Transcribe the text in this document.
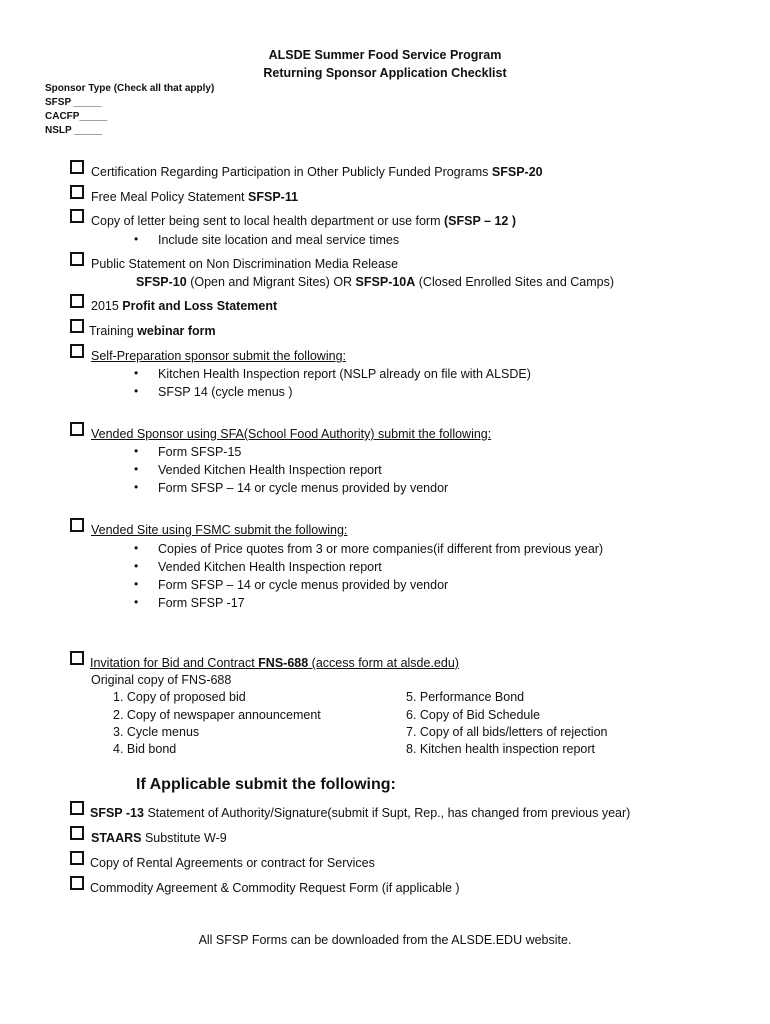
ALSDE Summer Food Service Program
Returning Sponsor Application Checklist
Sponsor Type (Check all that apply)
SFSP _____
CACFP_____
NSLP _____
Certification Regarding Participation in Other Publicly Funded Programs SFSP-20
Free Meal Policy Statement SFSP-11
Copy of letter being sent to local health department or use form (SFSP – 12 )
• Include site location and meal service times
Public Statement on Non Discrimination Media Release
SFSP-10 (Open and Migrant Sites) OR SFSP-10A (Closed Enrolled Sites and Camps)
2015 Profit and Loss Statement
Training webinar form
Self-Preparation sponsor submit the following:
• Kitchen Health Inspection report (NSLP already on file with ALSDE)
• SFSP 14 (cycle menus )
Vended Sponsor using SFA(School Food Authority) submit the following:
• Form SFSP-15
• Vended Kitchen Health Inspection report
• Form SFSP – 14 or cycle menus provided by vendor
Vended Site using FSMC submit the following:
• Copies of Price quotes from 3 or more companies(if different from previous year)
• Vended Kitchen Health Inspection report
• Form SFSP – 14 or cycle menus provided by vendor
• Form SFSP -17
Invitation for Bid and Contract FNS-688 (access form at alsde.edu)
Original copy of FNS-688
1. Copy of proposed bid
2. Copy of newspaper announcement
3. Cycle menus
4. Bid bond
5. Performance Bond
6. Copy of Bid Schedule
7. Copy of all bids/letters of rejection
8. Kitchen health inspection report
If Applicable submit the following:
SFSP -13 Statement of Authority/Signature(submit if Supt, Rep., has changed from previous year)
STAARS Substitute W-9
Copy of Rental Agreements or contract for Services
Commodity Agreement & Commodity Request Form (if applicable )
All SFSP Forms can be downloaded from the ALSDE.EDU website.
